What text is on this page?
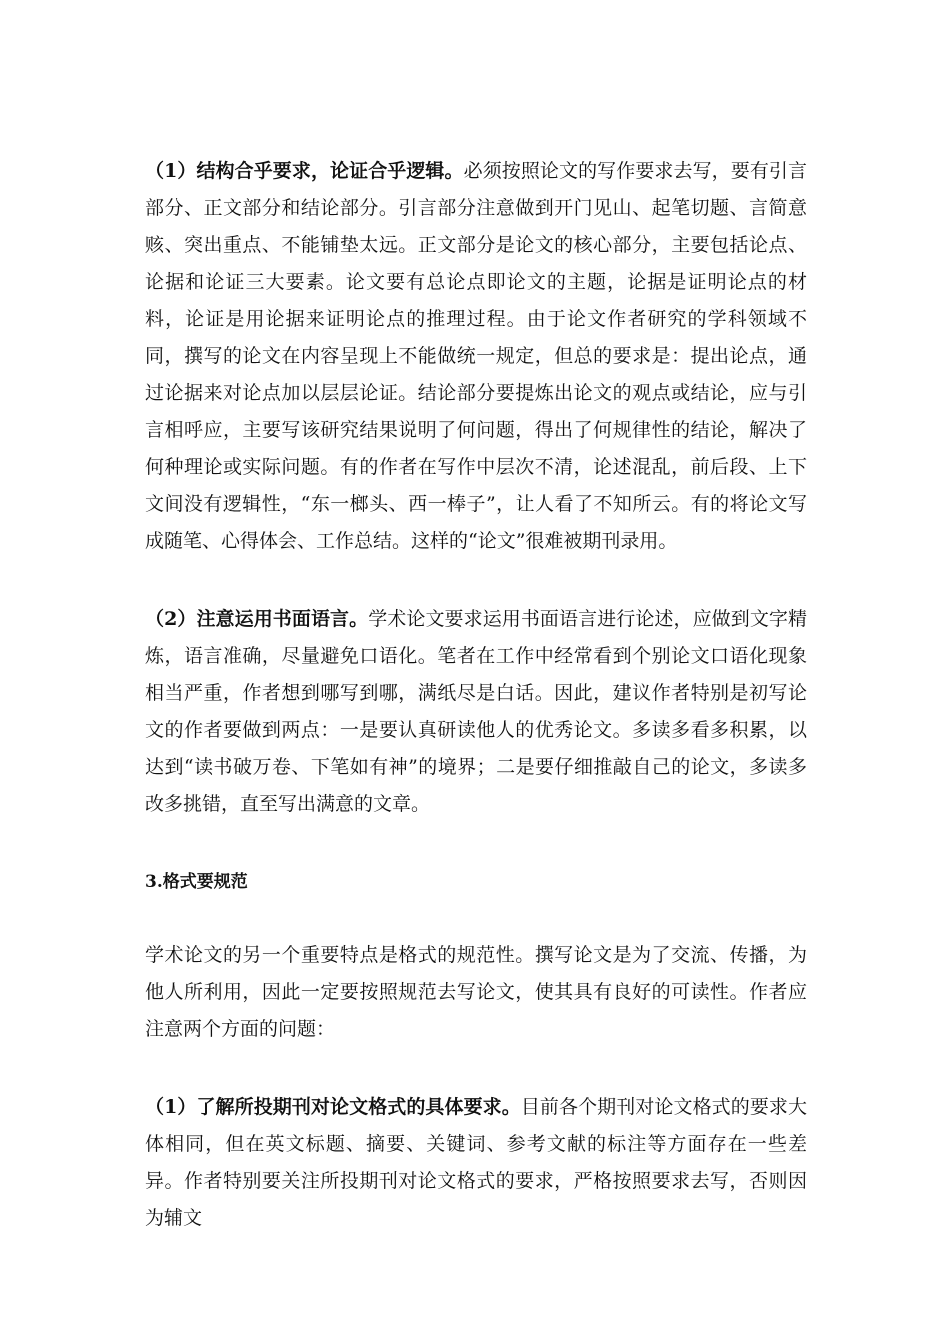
（1）结构合乎要求，论证合乎逻辑。必须按照论文的写作要求去写，要有引言部分、正文部分和结论部分。引言部分注意做到开门见山、起笔切题、言简意赅、突出重点、不能铺垫太远。正文部分是论文的核心部分，主要包括论点、论据和论证三大要素。论文要有总论点即论文的主题，论据是证明论点的材料，论证是用论据来证明论点的推理过程。由于论文作者研究的学科领域不同，撰写的论文在内容呈现上不能做统一规定，但总的要求是：提出论点，通过论据来对论点加以层层论证。结论部分要提炼出论文的观点或结论，应与引言相呼应，主要写该研究结果说明了何问题，得出了何规律性的结论，解决了何种理论或实际问题。有的作者在写作中层次不清，论述混乱，前后段、上下文间没有逻辑性，“东一榔头、西一棒子”，让人看了不知所云。有的将论文写成随笔、心得体会、工作总结。这样的“论文”很难被期刊录用。

（2）注意运用书面语言。学术论文要求运用书面语言进行论述，应做到文字精炼，语言准确，尽量避免口语化。笔者在工作中经常看到个别论文口语化现象相当严重，作者想到哪写到哪，满纸尽是白话。因此，建议作者特别是初写论文的作者要做到两点：一是要认真研读他人的优秀论文。多读多看多积累，以达到“读书破万卷、下笔如有神”的境界；二是要仔细推敲自己的论文，多读多改多挑错，直至写出满意的文章。

3.格式要规范

学术论文的另一个重要特点是格式的规范性。撰写论文是为了交流、传播，为他人所利用，因此一定要按照规范去写论文，使其具有良好的可读性。作者应注意两个方面的问题：

（1）了解所投期刊对论文格式的具体要求。目前各个期刊对论文格式的要求大体相同，但在英文标题、摘要、关键词、参考文献的标注等方面存在一些差异。作者特别要关注所投期刊对论文格式的要求，严格按照要求去写，否则因为辅文
